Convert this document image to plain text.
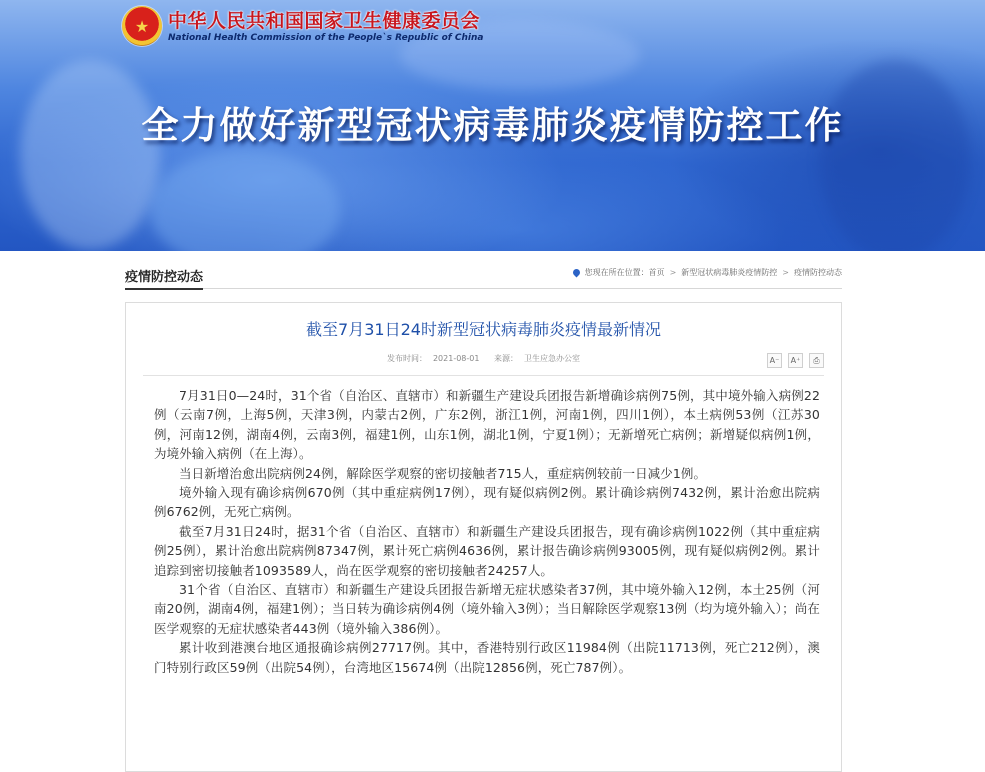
★ 中华人民共和国国家卫生健康委员会
National Health Commission of the People`s Republic of China
全力做好新型冠状病毒肺炎疫情防控工作
疫情防控动态	您现在所在位置： 首页 > 新型冠状病毒肺炎疫情防控 > 疫情防控动态
截至7月31日24时新型冠状病毒肺炎疫情最新情况
发布时间： 2021-08-01 来源： 卫生应急办公室	A⁻	A⁺	⎙

7月31日0—24时，31个省（自治区、直辖市）和新疆生产建设兵团报告新增确诊病例75例，其中境外输入病例22例（云南7例，上海5例，天津3例，内蒙古2例，广东2例，浙江1例，河南1例，四川1例），本土病例53例（江苏30例，河南12例，湖南4例，云南3例，福建1例，山东1例，湖北1例，宁夏1例）；无新增死亡病例；新增疑似病例1例，为境外输入病例（在上海）。

当日新增治愈出院病例24例，解除医学观察的密切接触者715人，重症病例较前一日减少1例。

境外输入现有确诊病例670例（其中重症病例17例），现有疑似病例2例。累计确诊病例7432例，累计治愈出院病例6762例，无死亡病例。

截至7月31日24时，据31个省（自治区、直辖市）和新疆生产建设兵团报告，现有确诊病例1022例（其中重症病例25例），累计治愈出院病例87347例，累计死亡病例4636例，累计报告确诊病例93005例，现有疑似病例2例。累计追踪到密切接触者1093589人，尚在医学观察的密切接触者24257人。

31个省（自治区、直辖市）和新疆生产建设兵团报告新增无症状感染者37例，其中境外输入12例，本土25例（河南20例，湖南4例，福建1例）；当日转为确诊病例4例（境外输入3例）；当日解除医学观察13例（均为境外输入）；尚在医学观察的无症状感染者443例（境外输入386例）。

累计收到港澳台地区通报确诊病例27717例。其中，香港特别行政区11984例（出院11713例，死亡212例），澳门特别行政区59例（出院54例），台湾地区15674例（出院12856例，死亡787例）。
